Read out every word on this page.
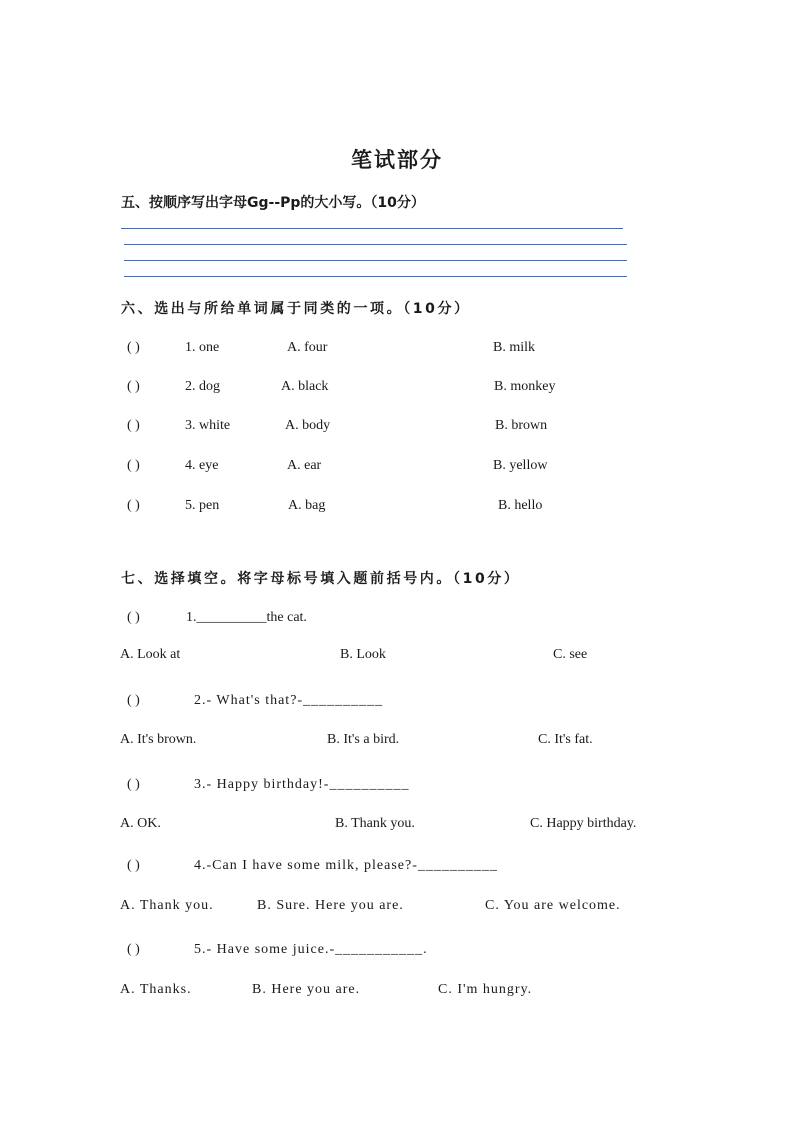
笔试部分
五、按顺序写出字母Gg--Pp的大小写。（10分）
六、选出与所给单词属于同类的一项。（10分）
( )	1. one	A. four	B. milk
( )	2. dog	A. black	B. monkey
( )	3. white	A. body	B. brown
( )	4. eye	A. ear	B. yellow
( )	5. pen	A. bag	B. hello
七、选择填空。将字母标号填入题前括号内。（10分）
( )	1.__________the cat.
A. Look at	B. Look	C. see
( )	2.- What's that?-__________
A. It's brown.	B. It's a bird.	C. It's fat.
( )	3.- Happy birthday!-__________
A. OK.	B. Thank you.	C. Happy birthday.
( )	4.-Can I have some milk, please?-__________
A. Thank you.	B. Sure. Here you are.	C. You are welcome.
( )	5.- Have some juice.-___________.
A. Thanks.	B. Here you are.	C. I'm hungry.
